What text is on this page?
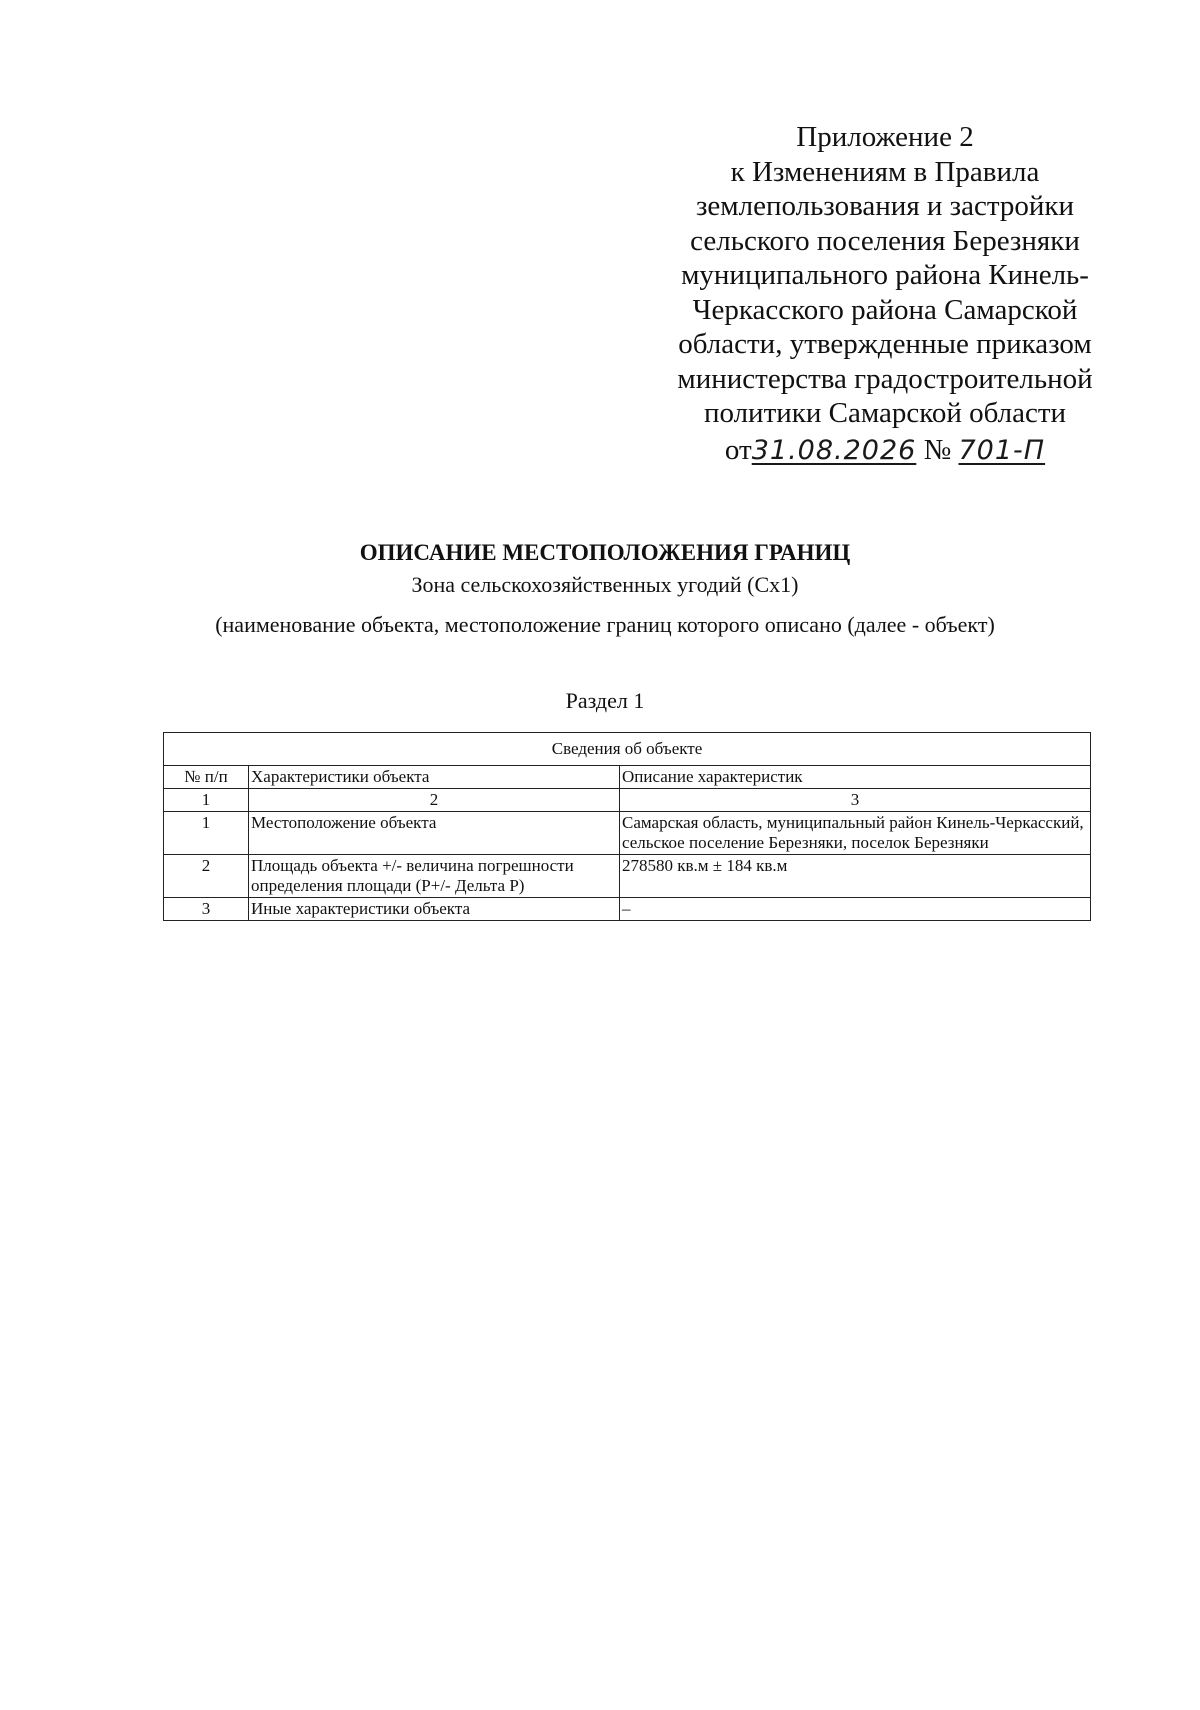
Приложение 2
к Изменениям в Правила
землепользования и застройки
сельского поселения Березняки
муниципального района Кинель-
Черкасского района Самарской
области, утвержденные приказом
министерства градостроительной
политики Самарской области
от31.08.2026 № 701-П
ОПИСАНИЕ МЕСТОПОЛОЖЕНИЯ ГРАНИЦ
Зона сельскохозяйственных угодий (Сх1)
(наименование объекта, местоположение границ которого описано (далее - объект)
Раздел 1
Сведения об объекте		
№ п/п	Характеристики объекта	Описание характеристик
1	2	3
1	Местоположение объекта	Самарская область, муниципальный район Кинель-Черкасский, сельское поселение Березняки, поселок Березняки
2	Площадь объекта +/- величина погрешности определения площади (Р+/- Дельта Р)	278580 кв.м ± 184 кв.м
3	Иные характеристики объекта	–
